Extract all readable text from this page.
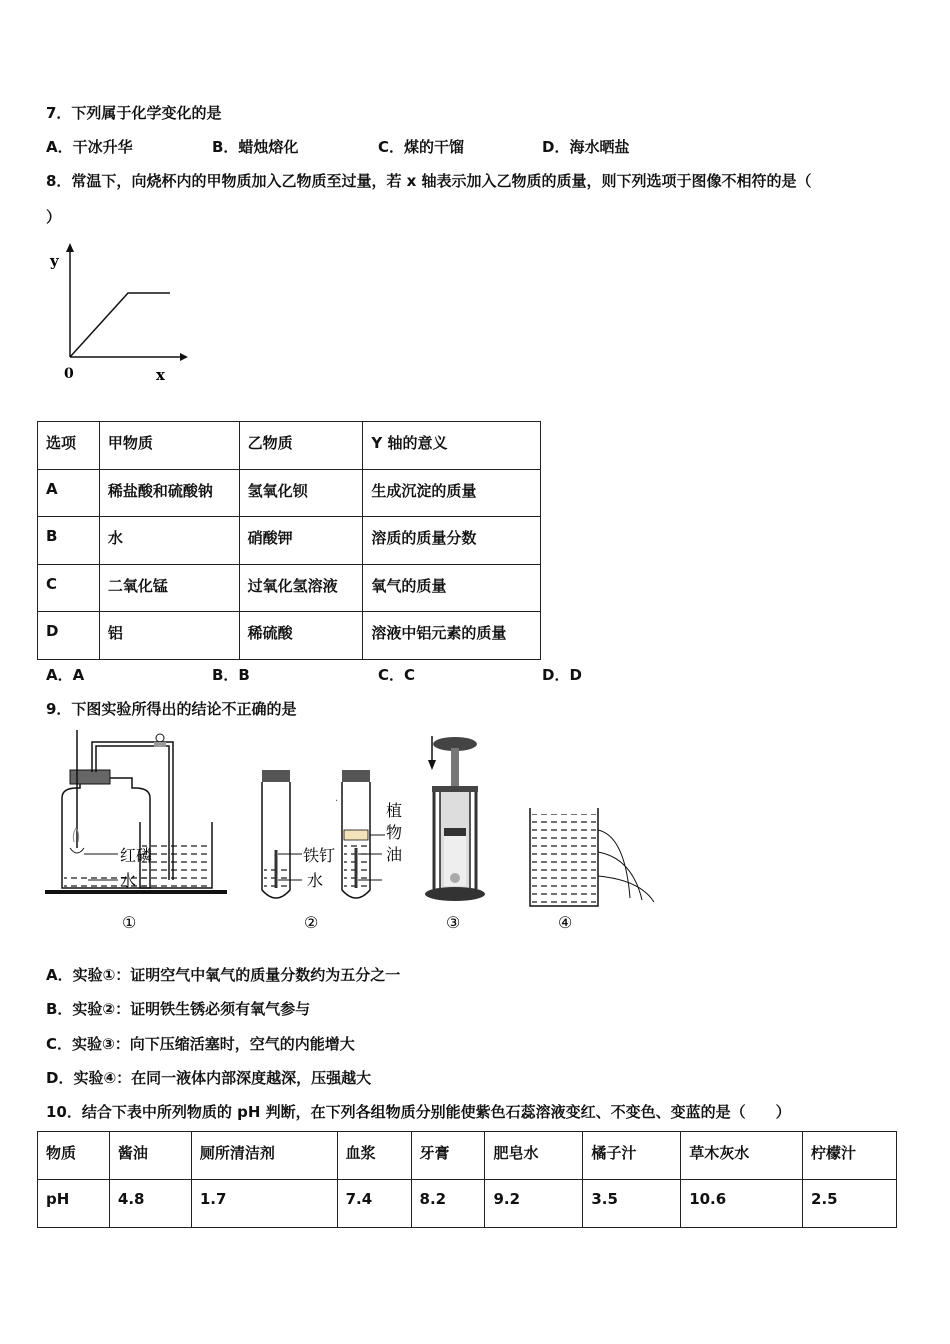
7．下列属于化学变化的是
A．干冰升华	B．蜡烛熔化	C．煤的干馏	D．海水晒盐
8．常温下，向烧杯内的甲物质加入乙物质至过量，若 x 轴表示加入乙物质的质量，则下列选项于图像不相符的是（
）
y
0	x
选项	甲物质	乙物质	Y 轴的意义
A	稀盐酸和硫酸钠	氢氧化钡	生成沉淀的质量
B	水	硝酸钾	溶质的质量分数
C	二氧化锰	过氧化氢溶液	氧气的质量
D	铝	稀硫酸	溶液中铝元素的质量
A．A	B．B	C．C	D．D
9．下图实验所得出的结论不正确的是
红磷
水
铁钉
水
植
物
油
·
①	②	③	④
A．实验①：证明空气中氧气的质量分数约为五分之一
B．实验②：证明铁生锈必须有氧气参与
C．实验③：向下压缩活塞时，空气的内能增大
D．实验④：在同一液体内部深度越深，压强越大
10．结合下表中所列物质的 pH 判断，在下列各组物质分别能使紫色石蕊溶液变红、不变色、变蓝的是（　　）
物质	酱油	厕所清洁剂	血浆	牙膏	肥皂水	橘子汁	草木灰水	柠檬汁
pH	4.8	1.7	7.4	8.2	9.2	3.5	10.6	2.5
